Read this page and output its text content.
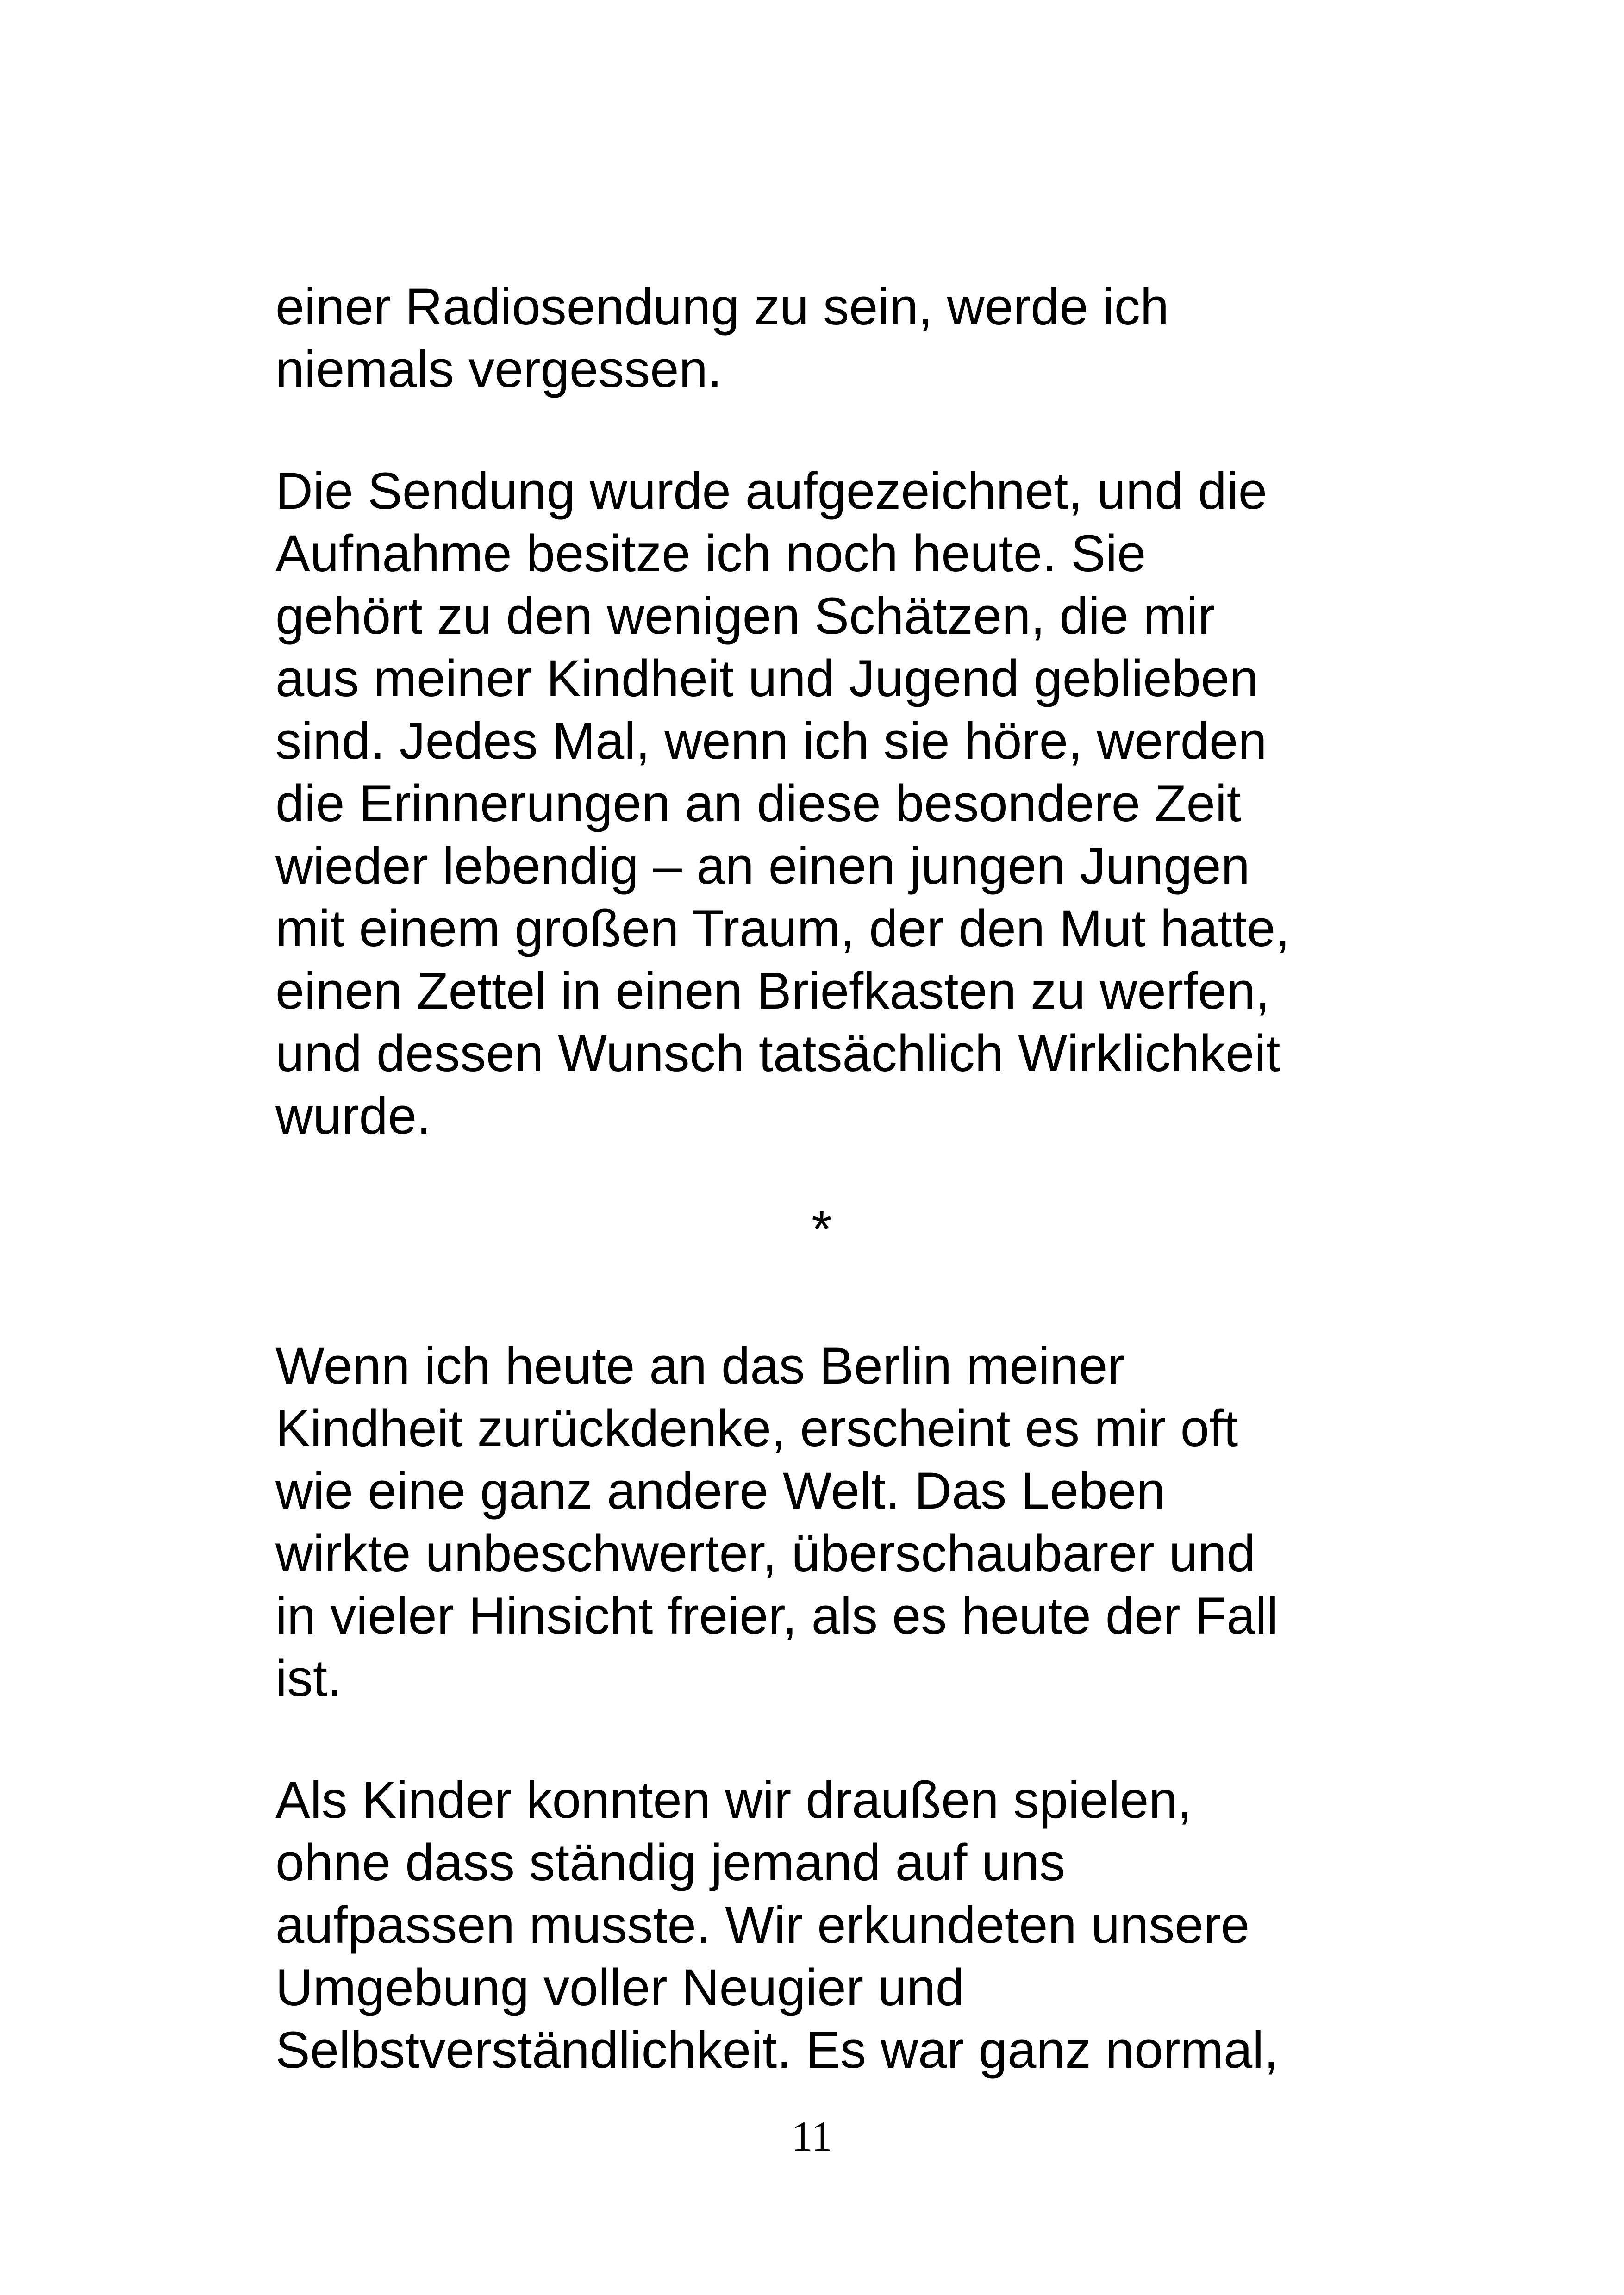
einer Radiosendung zu sein, werde ich
niemals vergessen.

Die Sendung wurde aufgezeichnet, und die
Aufnahme besitze ich noch heute. Sie
gehört zu den wenigen Schätzen, die mir
aus meiner Kindheit und Jugend geblieben
sind. Jedes Mal, wenn ich sie höre, werden
die Erinnerungen an diese besondere Zeit
wieder lebendig – an einen jungen Jungen
mit einem großen Traum, der den Mut hatte,
einen Zettel in einen Briefkasten zu werfen,
und dessen Wunsch tatsächlich Wirklichkeit
wurde.

*

Wenn ich heute an das Berlin meiner
Kindheit zurückdenke, erscheint es mir oft
wie eine ganz andere Welt. Das Leben
wirkte unbeschwerter, überschaubarer und
in vieler Hinsicht freier, als es heute der Fall
ist.

Als Kinder konnten wir draußen spielen,
ohne dass ständig jemand auf uns
aufpassen musste. Wir erkundeten unsere
Umgebung voller Neugier und
Selbstverständlichkeit. Es war ganz normal,

11
